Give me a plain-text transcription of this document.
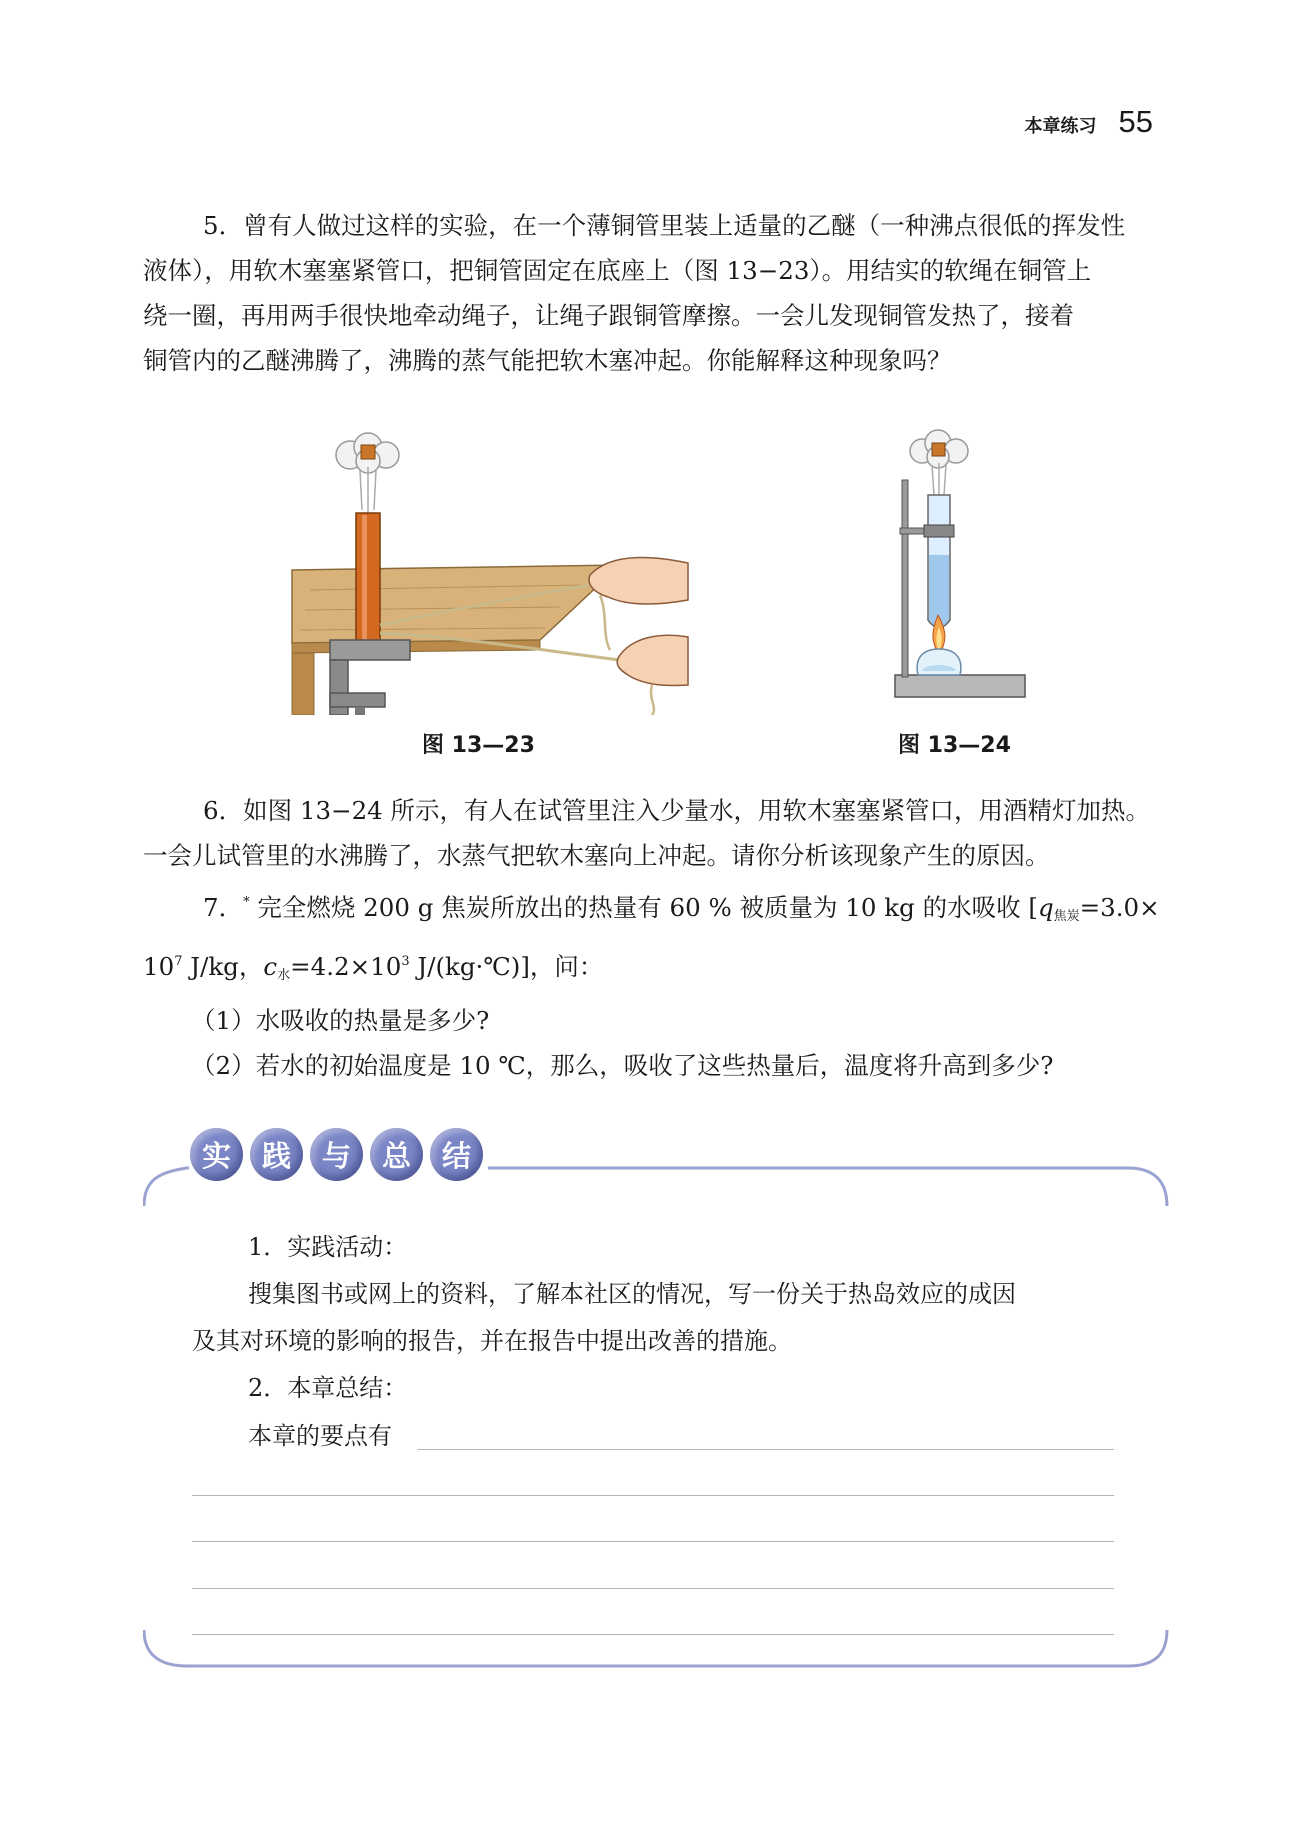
本章练习 55
5．曾有人做过这样的实验，在一个薄铜管里装上适量的乙醚（一种沸点很低的挥发性
液体），用软木塞塞紧管口，把铜管固定在底座上（图 13−23）。用结实的软绳在铜管上
绕一圈，再用两手很快地牵动绳子，让绳子跟铜管摩擦。一会儿发现铜管发热了，接着
铜管内的乙醚沸腾了，沸腾的蒸气能把软木塞冲起。你能解释这种现象吗？
图 13—23	图 13—24
6．如图 13−24 所示，有人在试管里注入少量水，用软木塞塞紧管口，用酒精灯加热。
一会儿试管里的水沸腾了，水蒸气把软木塞向上冲起。请你分析该现象产生的原因。
7．* 完全燃烧 200 g 焦炭所放出的热量有 60 % 被质量为 10 kg 的水吸收 [$q_{焦炭}=3.0\times$
$10^7$ J/kg，$c_水=4.2\times 10^3$ J/(kg·℃)]，问：
（1）水吸收的热量是多少?
（2）若水的初始温度是 10 ℃，那么，吸收了这些热量后，温度将升高到多少?
实	践	与	总	结
1．实践活动：
搜集图书或网上的资料，了解本社区的情况，写一份关于热岛效应的成因
及其对环境的影响的报告，并在报告中提出改善的措施。
2．本章总结：
本章的要点有
